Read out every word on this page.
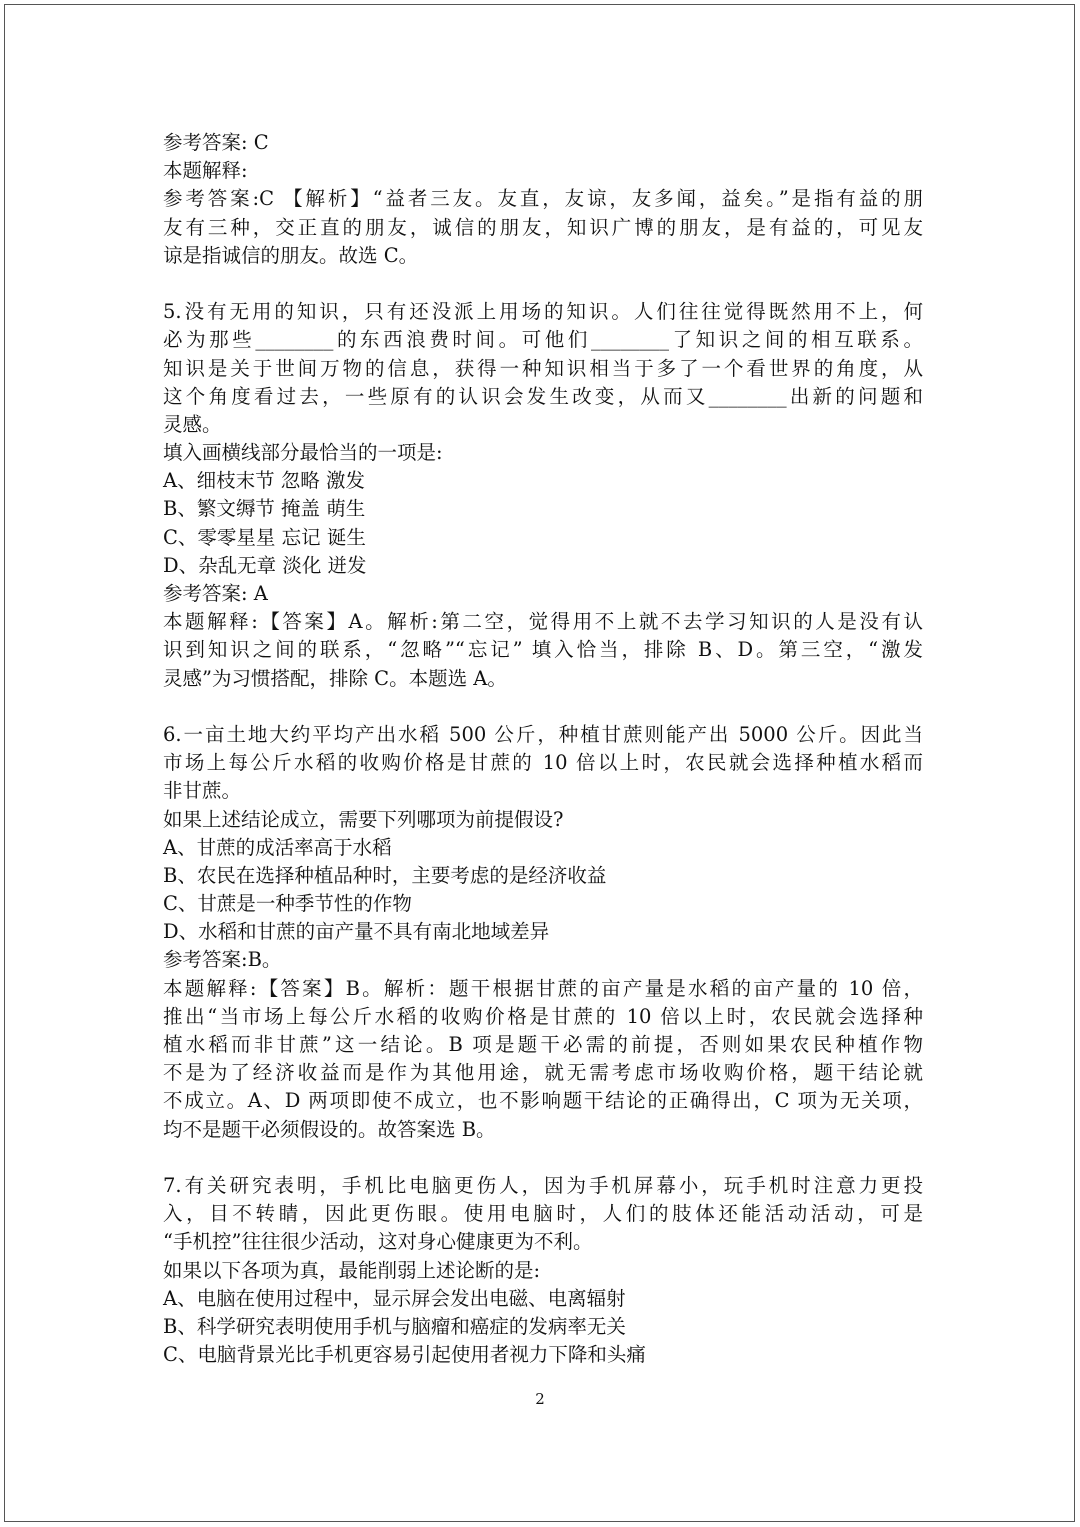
参考答案: C
本题解释:
参考答案:C 【解析】“益者三友。友直，友谅，友多闻，益矣。”是指有益的朋
友有三种，交正直的朋友，诚信的朋友，知识广博的朋友，是有益的，可见友
谅是指诚信的朋友。故选 C。
5.没有无用的知识，只有还没派上用场的知识。人们往往觉得既然用不上，何
必为那些________的东西浪费时间。可他们________了知识之间的相互联系。
知识是关于世间万物的信息，获得一种知识相当于多了一个看世界的角度，从
这个角度看过去，一些原有的认识会发生改变，从而又________出新的问题和
灵感。
填入画横线部分最恰当的一项是:
A、细枝末节 忽略 激发
B、繁文缛节 掩盖 萌生
C、零零星星 忘记 诞生
D、杂乱无章 淡化 迸发
参考答案: A
本题解释:【答案】A。解析:第二空，觉得用不上就不去学习知识的人是没有认
识到知识之间的联系，“忽略”“忘记” 填入恰当，排除 B、D。第三空，“激发
灵感”为习惯搭配，排除 C。本题选 A。
6.一亩土地大约平均产出水稻 500 公斤，种植甘蔗则能产出 5000 公斤。因此当
市场上每公斤水稻的收购价格是甘蔗的 10 倍以上时，农民就会选择种植水稻而
非甘蔗。
如果上述结论成立，需要下列哪项为前提假设?
A、甘蔗的成活率高于水稻
B、农民在选择种植品种时，主要考虑的是经济收益
C、甘蔗是一种季节性的作物
D、水稻和甘蔗的亩产量不具有南北地域差异
参考答案:B。
本题解释:【答案】B。解析：题干根据甘蔗的亩产量是水稻的亩产量的 10 倍，
推出“当市场上每公斤水稻的收购价格是甘蔗的 10 倍以上时，农民就会选择种
植水稻而非甘蔗”这一结论。B 项是题干必需的前提，否则如果农民种植作物
不是为了经济收益而是作为其他用途，就无需考虑市场收购价格，题干结论就
不成立。A、D 两项即使不成立，也不影响题干结论的正确得出，C 项为无关项，
均不是题干必须假设的。故答案选 B。
7.有关研究表明，手机比电脑更伤人，因为手机屏幕小，玩手机时注意力更投
入，目不转睛，因此更伤眼。使用电脑时，人们的肢体还能活动活动，可是
“手机控”往往很少活动，这对身心健康更为不利。
如果以下各项为真，最能削弱上述论断的是:
A、电脑在使用过程中，显示屏会发出电磁、电离辐射
B、科学研究表明使用手机与脑瘤和癌症的发病率无关
C、电脑背景光比手机更容易引起使用者视力下降和头痛
2
